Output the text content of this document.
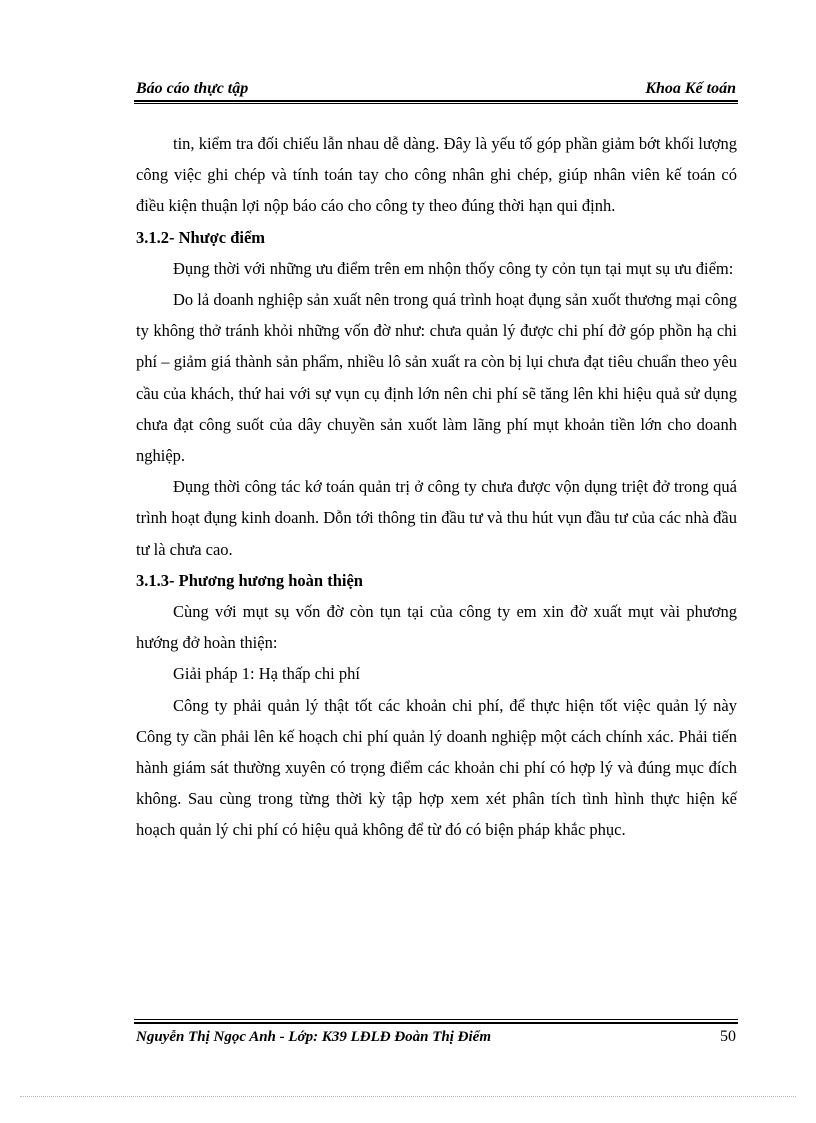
Báo cáo thực tập	Khoa Kế toán

tin, kiểm tra đối chiếu lẫn nhau dễ dàng. Đây là yếu tố góp phần giảm bớt khối lượng công việc ghi chép và tính toán tay cho công nhân ghi chép, giúp nhân viên kế toán có điều kiện thuận lợi nộp báo cáo cho công ty theo đúng thời hạn qui định.

3.1.2- Nhược điểm

Đụng thời với những ưu điểm trên em nhộn thốy công ty cỏn tụn tại mụt sụ ưu điểm:

Do lả doanh nghiệp sản xuất nên trong quá trình hoạt đụng sản xuốt thương mại công ty không thở tránh khỏi những vốn đờ như: chưa quản lý được chi phí đở góp phồn hạ chi phí – giảm giá thành sản phẩm, nhiều lô sản xuất ra còn bị lụi chưa đạt tiêu chuẩn theo yêu cầu của khách, thứ hai với sự vụn cụ định lớn nên chi phí sẽ tăng lên khi hiệu quả sử dụng chưa đạt công suốt của dây chuyền sản xuốt làm lãng phí mụt khoản tiền lớn cho doanh nghiệp.

Đụng thời công tác kớ toán quản trị ở công ty chưa được vộn dụng triệt đở trong quá trình hoạt đụng kinh doanh. Dỗn tới thông tin đầu tư và thu hút vụn đầu tư của các nhà đầu tư là chưa cao.

3.1.3- Phương hương hoàn thiện

Cùng với mụt sụ vốn đờ còn tụn tại của công ty em xin đờ xuất mụt vài phương hướng đở hoàn thiện:

Giải pháp 1: Hạ thấp chi phí

Công ty phải quản lý thật tốt các khoản chi phí, để thực hiện tốt việc quản lý này Công ty cần phải lên kế hoạch chi phí quản lý doanh nghiệp một cách chính xác. Phải tiến hành giám sát thường xuyên có trọng điểm các khoản chi phí có hợp lý và đúng mục đích không. Sau cùng trong từng thời kỳ tập hợp xem xét phân tích tình hình thực hiện kế hoạch quản lý chi phí có hiệu quả không để từ đó có biện pháp khắc phục.

Nguyễn Thị Ngọc Anh - Lớp: K39 LĐLĐ Đoàn Thị Điểm	50
